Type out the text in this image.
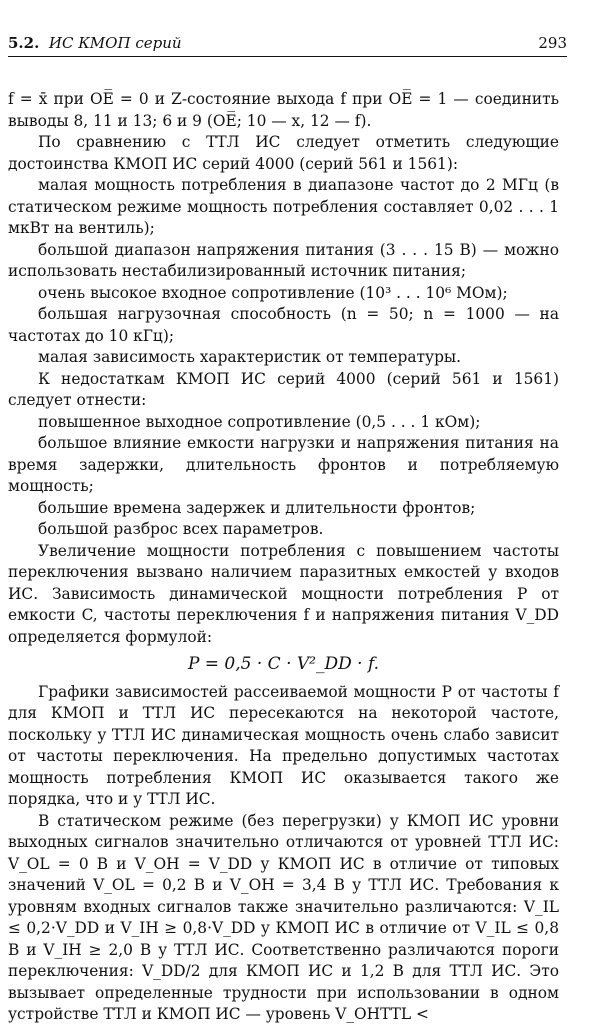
5.2. ИС КМОП серий	293

f = x̄ при OE̅ = 0 и Z-состояние выхода f при OE̅ = 1 — соединить выводы 8, 11 и 13; 6 и 9 (OE̅; 10 — x, 12 — f).

По сравнению с ТТЛ ИС следует отметить следующие достоинства КМОП ИС серий 4000 (серий 561 и 1561):

малая мощность потребления в диапазоне частот до 2 МГц (в статическом режиме мощность потребления составляет 0,02 . . . 1 мкВт на вентиль);

большой диапазон напряжения питания (3 . . . 15 В) — можно использовать нестабилизированный источник питания;

очень высокое входное сопротивление (10³ . . . 10⁶ МОм);

большая нагрузочная способность (n = 50; n = 1000 — на частотах до 10 кГц);

малая зависимость характеристик от температуры.

К недостаткам КМОП ИС серий 4000 (серий 561 и 1561) следует отнести:

повышенное выходное сопротивление (0,5 . . . 1 кОм);

большое влияние емкости нагрузки и напряжения питания на время задержки, длительность фронтов и потребляемую мощность;

большие времена задержек и длительности фронтов;

большой разброс всех параметров.

Увеличение мощности потребления с повышением частоты переключения вызвано наличием паразитных емкостей у входов ИС. Зависимость динамической мощности потребления P от емкости C, частоты переключения f и напряжения питания V_DD определяется формулой:

P = 0,5 · C · V²_DD · f.

Графики зависимостей рассеиваемой мощности P от частоты f для КМОП и ТТЛ ИС пересекаются на некоторой частоте, поскольку у ТТЛ ИС динамическая мощность очень слабо зависит от частоты переключения. На предельно допустимых частотах мощность потребления КМОП ИС оказывается такого же порядка, что и у ТТЛ ИС.

В статическом режиме (без перегрузки) у КМОП ИС уровни выходных сигналов значительно отличаются от уровней ТТЛ ИС: V_OL = 0 В и V_OH = V_DD у КМОП ИС в отличие от типовых значений V_OL = 0,2 В и V_OH = 3,4 В у ТТЛ ИС. Требования к уровням входных сигналов также значительно различаются: V_IL ≤ 0,2·V_DD и V_IH ≥ 0,8·V_DD у КМОП ИС в отличие от V_IL ≤ 0,8 В и V_IH ≥ 2,0 В у ТТЛ ИС. Соответственно различаются пороги переключения: V_DD/2 для КМОП ИС и 1,2 В для ТТЛ ИС. Это вызывает определенные трудности при использовании в одном устройстве ТТЛ и КМОП ИС — уровень V_OHTTL <
